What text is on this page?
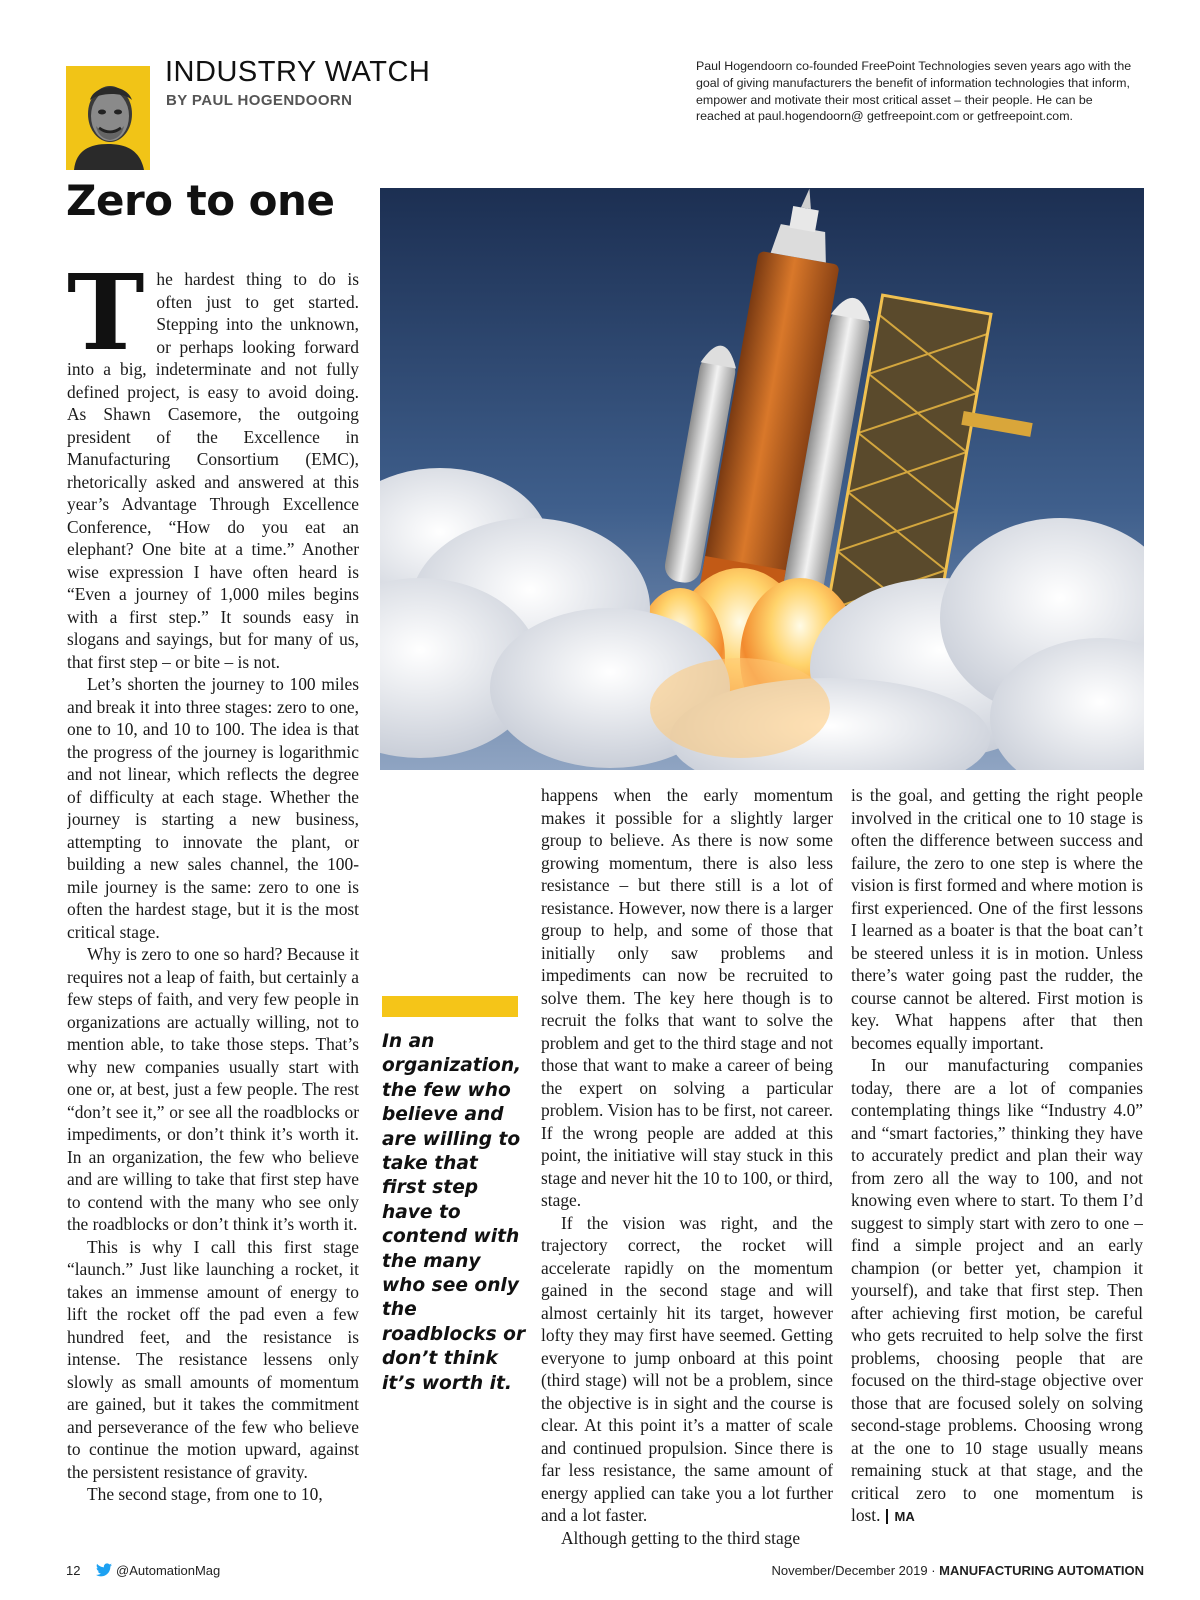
INDUSTRY WATCH
BY PAUL HOGENDOORN

Paul Hogendoorn co-founded FreePoint Technologies seven years ago with the goal of giving manufacturers the benefit of information technologies that inform, empower and motivate their most critical asset – their people. He can be reached at paul.hogendoorn@ getfreepoint.com or getfreepoint.com.

Zero to one

The hardest thing to do is often just to get started. Stepping into the unknown, or perhaps looking forward into a big, indeterminate and not fully defined project, is easy to avoid doing. As Shawn Casemore, the outgoing president of the Excellence in Manufacturing Consortium (EMC), rhetorically asked and answered at this year’s Advantage Through Excellence Conference, “How do you eat an elephant? One bite at a time.” Another wise expression I have often heard is “Even a journey of 1,000 miles begins with a first step.” It sounds easy in slogans and sayings, but for many of us, that first step – or bite – is not.

Let’s shorten the journey to 100 miles and break it into three stages: zero to one, one to 10, and 10 to 100. The idea is that the progress of the journey is logarithmic and not linear, which reflects the degree of difficulty at each stage. Whether the journey is starting a new business, attempting to innovate the plant, or building a new sales channel, the 100-mile journey is the same: zero to one is often the hardest stage, but it is the most critical stage.

Why is zero to one so hard? Because it requires not a leap of faith, but certainly a few steps of faith, and very few people in organizations are actually willing, not to mention able, to take those steps. That’s why new companies usually start with one or, at best, just a few people. The rest “don’t see it,” or see all the roadblocks or impediments, or don’t think it’s worth it. In an organization, the few who believe and are willing to take that first step have to contend with the many who see only the roadblocks or don’t think it’s worth it.

This is why I call this first stage “launch.” Just like launching a rocket, it takes an immense amount of energy to lift the rocket off the pad even a few hundred feet, and the resistance is intense. The resistance lessens only slowly as small amounts of momentum are gained, but it takes the commitment and perseverance of the few who believe to continue the motion upward, against the persistent resistance of gravity.

The second stage, from one to 10,

In an organization, the few who believe and are willing to take that first step have to contend with the many who see only the roadblocks or don’t think it’s worth it.

happens when the early momentum makes it possible for a slightly larger group to believe. As there is now some growing momentum, there is also less resistance – but there still is a lot of resistance. However, now there is a larger group to help, and some of those that initially only saw problems and impediments can now be recruited to solve them. The key here though is to recruit the folks that want to solve the problem and get to the third stage and not those that want to make a career of being the expert on solving a particular problem. Vision has to be first, not career. If the wrong people are added at this point, the initiative will stay stuck in this stage and never hit the 10 to 100, or third, stage.

If the vision was right, and the trajectory correct, the rocket will accelerate rapidly on the momentum gained in the second stage and will almost certainly hit its target, however lofty they may first have seemed. Getting everyone to jump onboard at this point (third stage) will not be a problem, since the objective is in sight and the course is clear. At this point it’s a matter of scale and continued propulsion. Since there is far less resistance, the same amount of energy applied can take you a lot further and a lot faster.

Although getting to the third stage

is the goal, and getting the right people involved in the critical one to 10 stage is often the difference between success and failure, the zero to one step is where the vision is first formed and where motion is first experienced. One of the first lessons I learned as a boater is that the boat can’t be steered unless it is in motion. Unless there’s water going past the rudder, the course cannot be altered. First motion is key. What happens after that then becomes equally important.

In our manufacturing companies today, there are a lot of companies contemplating things like “Industry 4.0” and “smart factories,” thinking they have to accurately predict and plan their way from zero all the way to 100, and not knowing even where to start. To them I’d suggest to simply start with zero to one – find a simple project and an early champion (or better yet, champion it yourself), and take that first step. Then after achieving first motion, be careful who gets recruited to help solve the first problems, choosing people that are focused on the third-stage objective over those that are focused solely on solving second-stage problems. Choosing wrong at the one to 10 stage usually means remaining stuck at that stage, and the critical zero to one momentum is lost. MA

12	@AutomationMag	November/December 2019 · MANUFACTURING AUTOMATION
